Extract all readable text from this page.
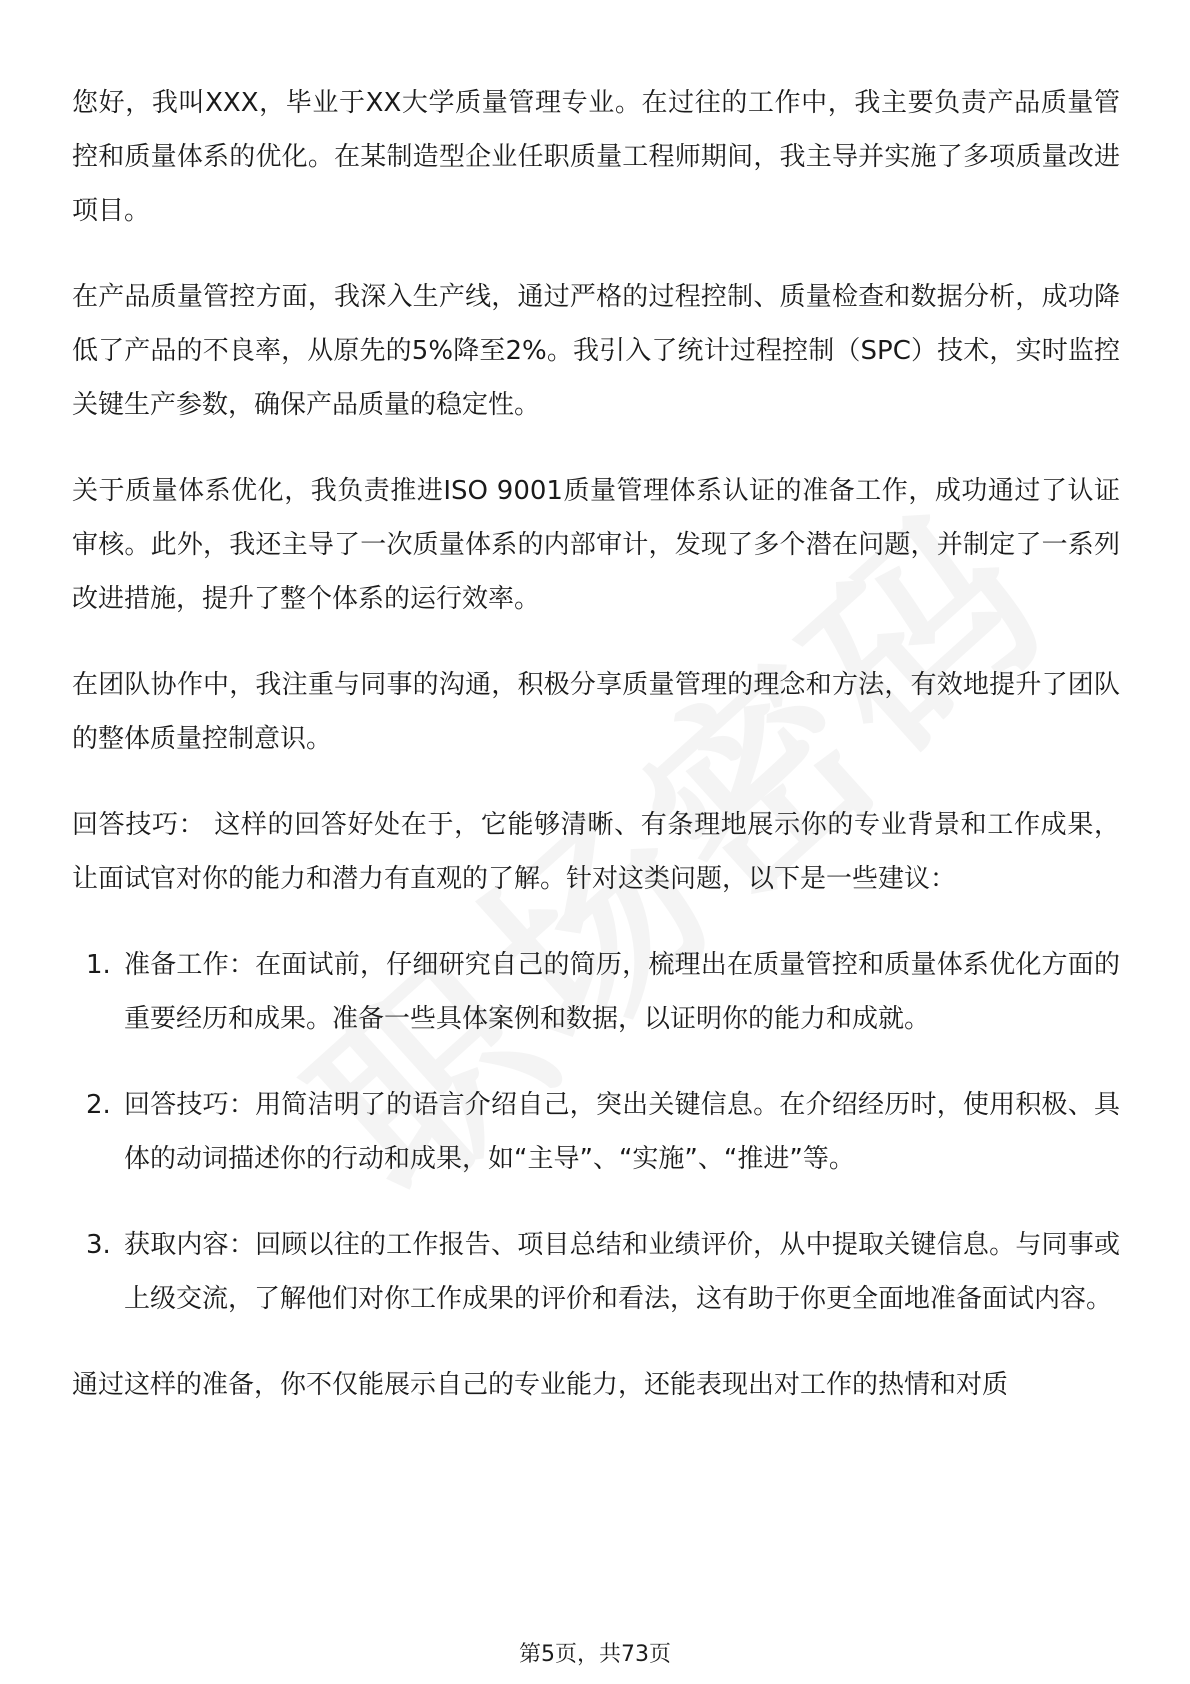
您好，我叫XXX，毕业于XX大学质量管理专业。在过往的工作中，我主要负责产品质量管控和质量体系的优化。在某制造型企业任职质量工程师期间，我主导并实施了多项质量改进项目。

在产品质量管控方面，我深入生产线，通过严格的过程控制、质量检查和数据分析，成功降低了产品的不良率，从原先的5%降至2%。我引入了统计过程控制（SPC）技术，实时监控关键生产参数，确保产品质量的稳定性。

关于质量体系优化，我负责推进ISO 9001质量管理体系认证的准备工作，成功通过了认证审核。此外，我还主导了一次质量体系的内部审计，发现了多个潜在问题，并制定了一系列改进措施，提升了整个体系的运行效率。

在团队协作中，我注重与同事的沟通，积极分享质量管理的理念和方法，有效地提升了团队的整体质量控制意识。

回答技巧： 这样的回答好处在于，它能够清晰、有条理地展示你的专业背景和工作成果，让面试官对你的能力和潜力有直观的了解。针对这类问题，以下是一些建议：

1. 准备工作：在面试前，仔细研究自己的简历，梳理出在质量管控和质量体系优化方面的重要经历和成果。准备一些具体案例和数据，以证明你的能力和成就。
2. 回答技巧：用简洁明了的语言介绍自己，突出关键信息。在介绍经历时，使用积极、具体的动词描述你的行动和成果，如“主导”、“实施”、“推进”等。
3. 获取内容：回顾以往的工作报告、项目总结和业绩评价，从中提取关键信息。与同事或上级交流，了解他们对你工作成果的评价和看法，这有助于你更全面地准备面试内容。

通过这样的准备，你不仅能展示自己的专业能力，还能表现出对工作的热情和对质

第5页，共73页
